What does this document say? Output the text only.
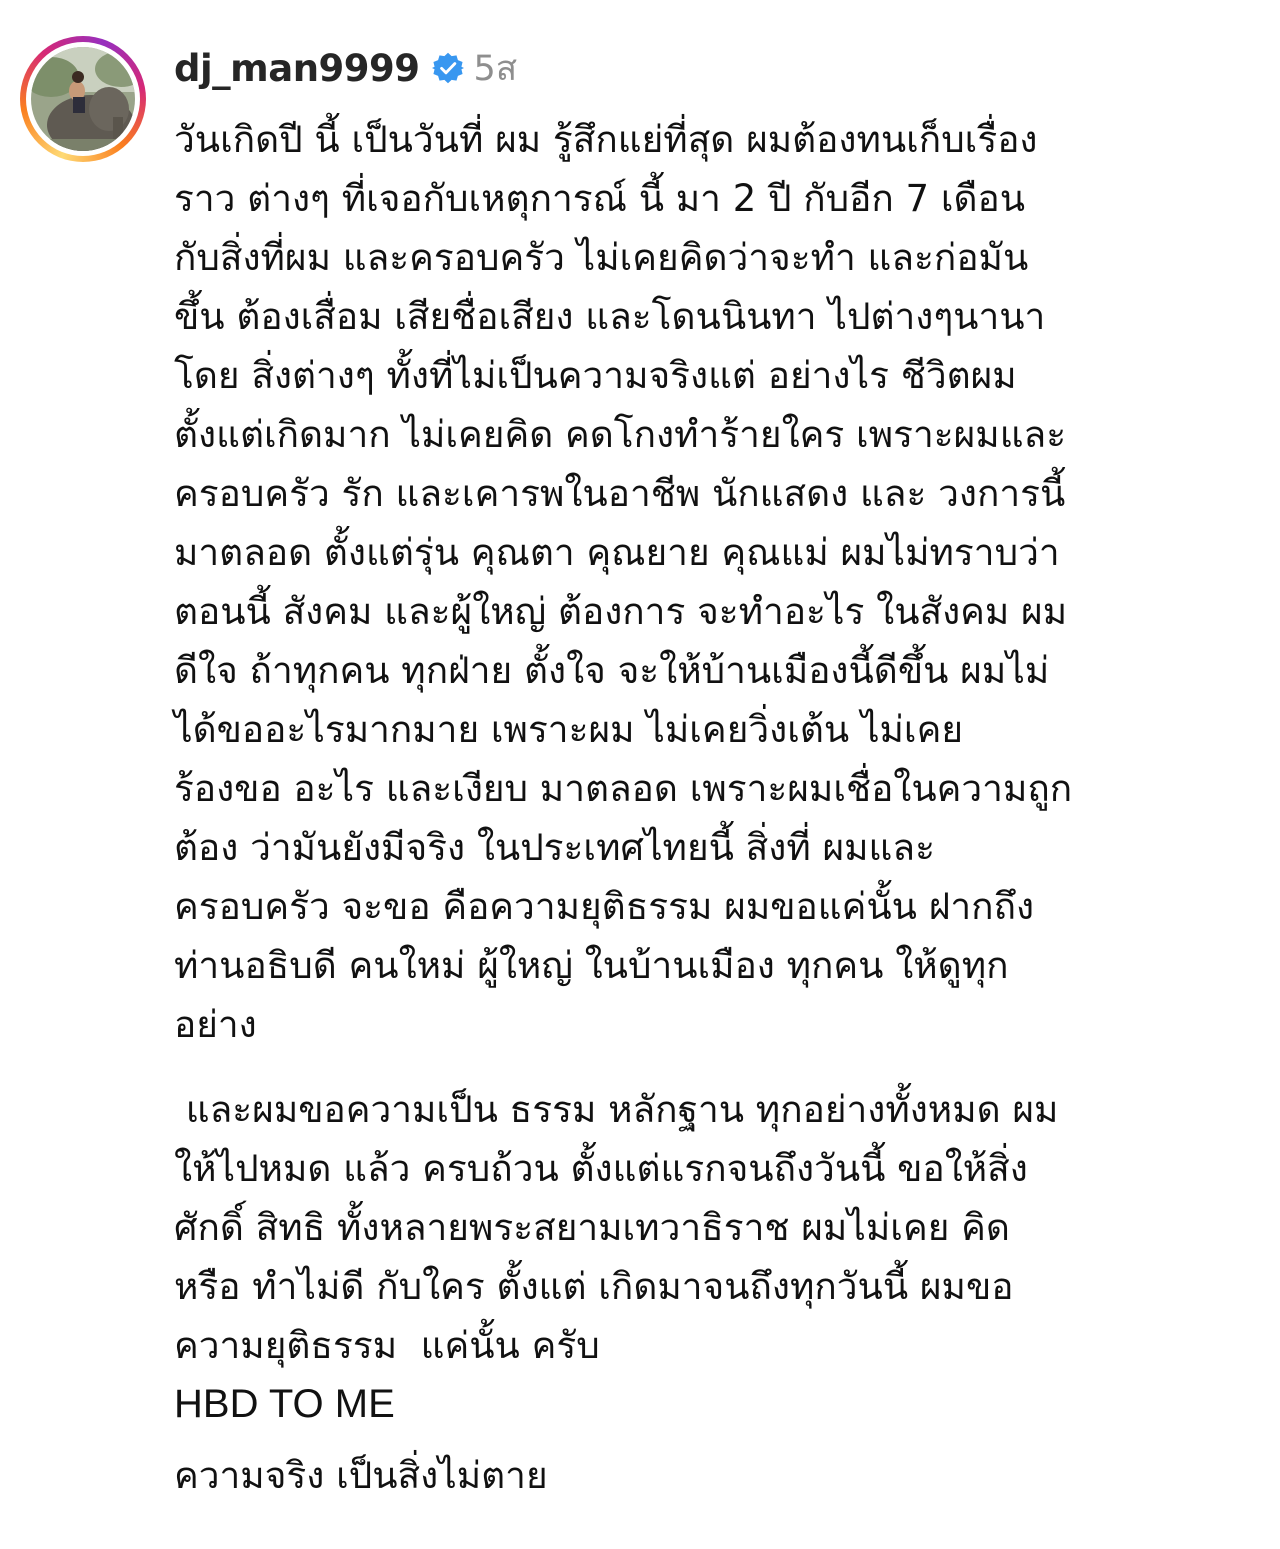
dj_man9999 5ส
วันเกิดปี นี้ เป็นวันที่ ผม รู้สึกแย่ที่สุด ผมต้องทนเก็บเรื่อง
ราว ต่างๆ ที่เจอกับเหตุการณ์ นี้ มา 2 ปี กับอีก 7 เดือน
กับสิ่งที่ผม และครอบครัว ไม่เคยคิดว่าจะทำ และก่อมัน
ขึ้น ต้องเสื่อม เสียชื่อเสียง และโดนนินทา ไปต่างๆนานา
โดย สิ่งต่างๆ ทั้งที่ไม่เป็นความจริงแต่ อย่างไร ชีวิตผม
ตั้งแต่เกิดมาก ไม่เคยคิด คดโกงทำร้ายใคร เพราะผมและ
ครอบครัว รัก และเคารพในอาชีพ นักแสดง และ วงการนี้
มาตลอด ตั้งแต่รุ่น คุณตา คุณยาย คุณแม่ ผมไม่ทราบว่า
ตอนนี้ สังคม และผู้ใหญ่ ต้องการ จะทำอะไร ในสังคม ผม
ดีใจ ถ้าทุกคน ทุกฝ่าย ตั้งใจ จะให้บ้านเมืองนี้ดีขึ้น ผมไม่
ได้ขออะไรมากมาย เพราะผม ไม่เคยวิ่งเต้น ไม่เคย
ร้องขอ อะไร และเงียบ มาตลอด เพราะผมเชื่อในความถูก
ต้อง ว่ามันยังมีจริง ในประเทศไทยนี้ สิ่งที่ ผมและ
ครอบครัว จะขอ คือความยุติธรรม ผมขอแค่นั้น ฝากถึง
ท่านอธิบดี คนใหม่ ผู้ใหญ่ ในบ้านเมือง ทุกคน ให้ดูทุก
อย่าง
และผมขอความเป็น ธรรม หลักฐาน ทุกอย่างทั้งหมด ผม
ให้ไปหมด แล้ว ครบถ้วน ตั้งแต่แรกจนถึงวันนี้ ขอให้สิ่ง
ศักดิ์ สิทธิ ทั้งหลายพระสยามเทวาธิราช ผมไม่เคย คิด
หรือ ทำไม่ดี กับใคร ตั้งแต่ เกิดมาจนถึงทุกวันนี้ ผมขอ
ความยุติธรรม  แค่นั้น ครับ
HBD TO ME
ความจริง เป็นสิ่งไม่ตาย
